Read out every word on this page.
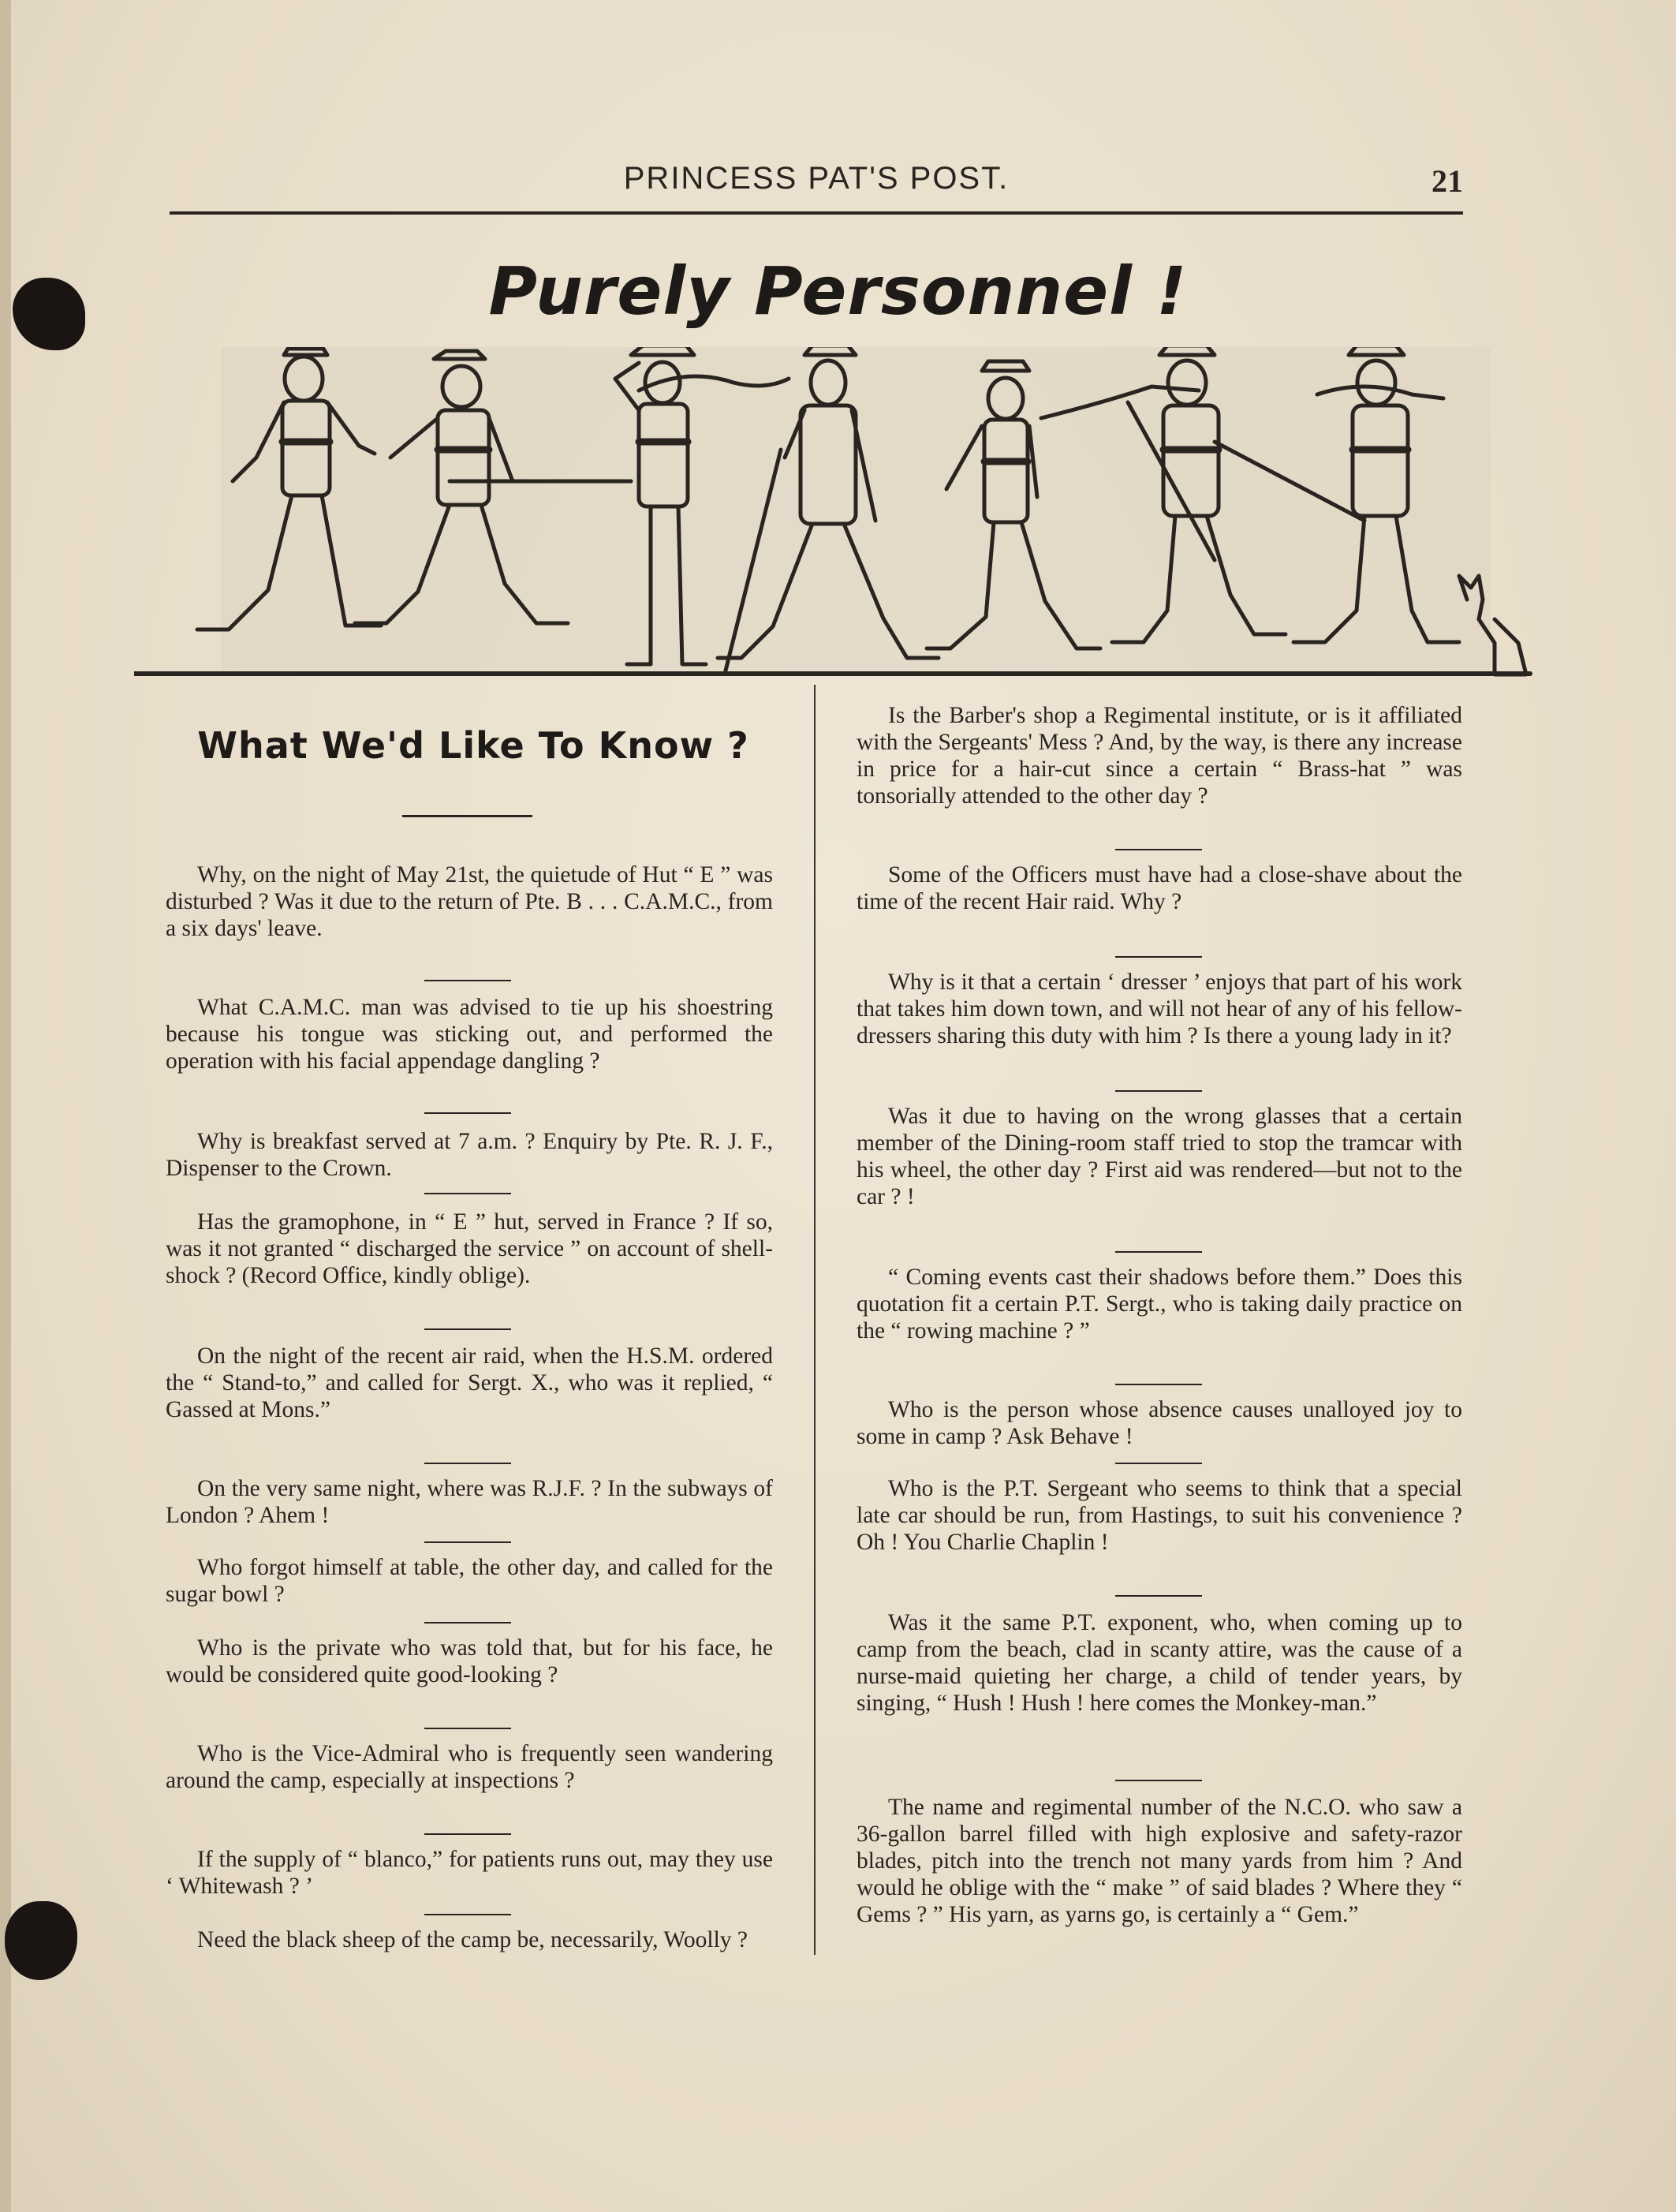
PRINCESS PAT'S POST.	21
Purely Personnel !
What We'd Like To Know ?

Why, on the night of May 21st, the quietude of Hut “ E ” was disturbed ? Was it due to the return of Pte. B . . . C.A.M.C., from a six days' leave.

What C.A.M.C. man was advised to tie up his shoestring because his tongue was sticking out, and performed the operation with his facial appendage dangling ?

Why is breakfast served at 7 a.m. ? Enquiry by Pte. R. J. F., Dispenser to the Crown.

Has the gramophone, in “ E ” hut, served in France ? If so, was it not granted “ discharged the service ” on account of shell-shock ? (Record Office, kindly oblige).

On the night of the recent air raid, when the H.S.M. ordered the “ Stand-to,” and called for Sergt. X., who was it replied, “ Gassed at Mons.”

On the very same night, where was R.J.F. ? In the subways of London ? Ahem !

Who forgot himself at table, the other day, and called for the sugar bowl ?

Who is the private who was told that, but for his face, he would be considered quite good-looking ?

Who is the Vice-Admiral who is frequently seen wandering around the camp, especially at inspections ?

If the supply of “ blanco,” for patients runs out, may they use ‘ Whitewash ? ’

Need the black sheep of the camp be, necessarily, Woolly ?

Is the Barber's shop a Regimental institute, or is it affiliated with the Sergeants' Mess ? And, by the way, is there any increase in price for a hair-cut since a certain “ Brass-hat ” was tonsorially attended to the other day ?

Some of the Officers must have had a close-shave about the time of the recent Hair raid. Why ?

Why is it that a certain ‘ dresser ’ enjoys that part of his work that takes him down town, and will not hear of any of his fellow-dressers sharing this duty with him ? Is there a young lady in it?

Was it due to having on the wrong glasses that a certain member of the Dining-room staff tried to stop the tramcar with his wheel, the other day ? First aid was rendered—but not to the car ? !

“ Coming events cast their shadows before them.” Does this quotation fit a certain P.T. Sergt., who is taking daily practice on the “ rowing machine ? ”

Who is the person whose absence causes unalloyed joy to some in camp ? Ask Behave !

Who is the P.T. Sergeant who seems to think that a special late car should be run, from Hastings, to suit his convenience ? Oh ! You Charlie Chaplin !

Was it the same P.T. exponent, who, when coming up to camp from the beach, clad in scanty attire, was the cause of a nurse-maid quieting her charge, a child of tender years, by singing, “ Hush ! Hush ! here comes the Monkey-man.”

The name and regimental number of the N.C.O. who saw a 36-gallon barrel filled with high explosive and safety-razor blades, pitch into the trench not many yards from him ? And would he oblige with the “ make ” of said blades ? Where they “ Gems ? ” His yarn, as yarns go, is certainly a “ Gem.”
